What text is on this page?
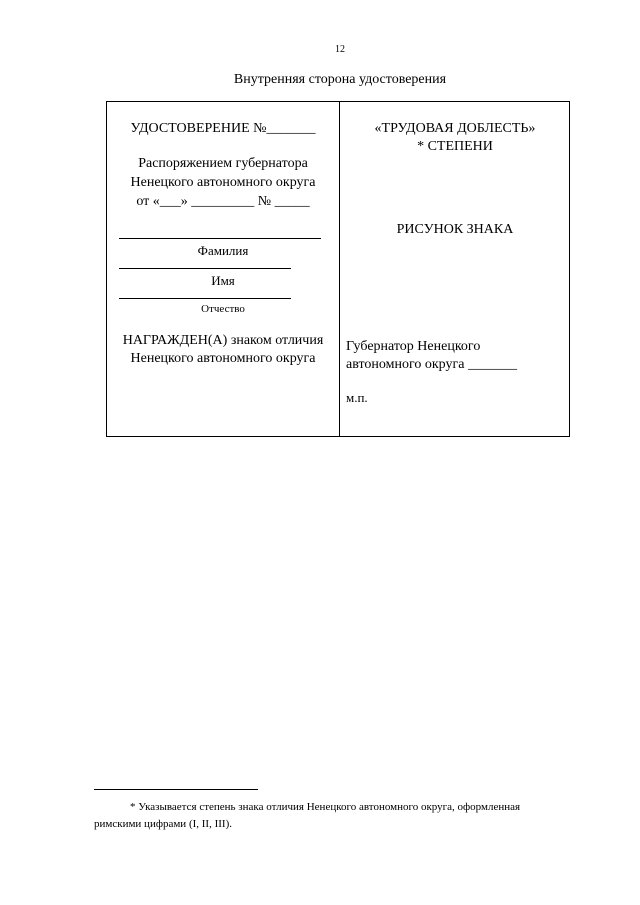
12
Внутренняя сторона удостоверения
УДОСТОВЕРЕНИЕ №_______
Распоряжением губернатора
Ненецкого автономного округа
от «___» _________ № _____
Фамилия
Имя
Отчество
НАГРАЖДЕН(А) знаком отличия
Ненецкого автономного округа
«ТРУДОВАЯ ДОБЛЕСТЬ»
* СТЕПЕНИ
РИСУНОК ЗНАКА
Губернатор Ненецкого
автономного округа _______
м.п.
* Указывается степень знака отличия Ненецкого автономного округа, оформленная
римскими цифрами (I, II, III).
